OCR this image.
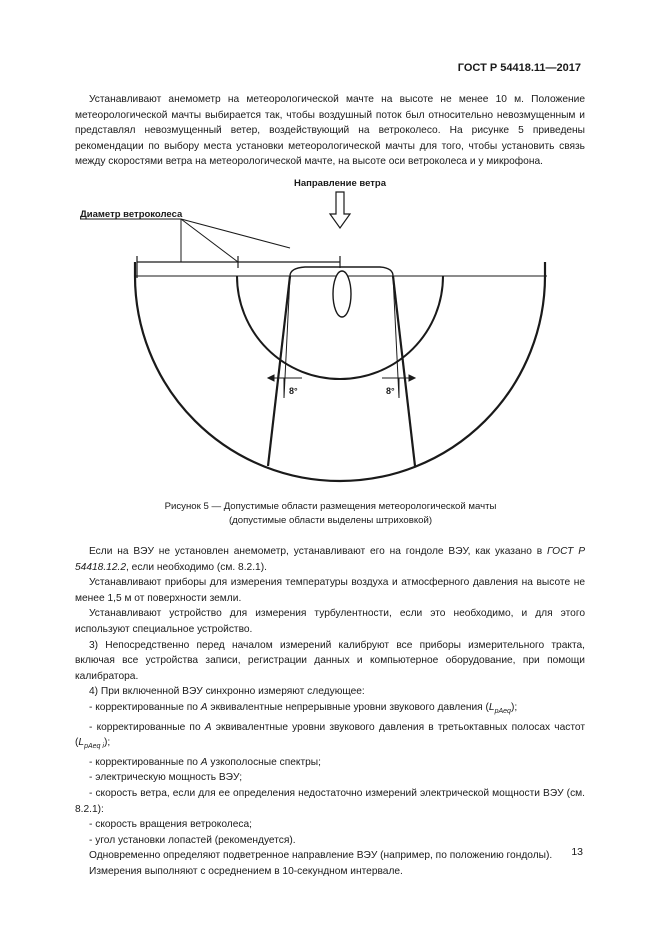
ГОСТ Р 54418.11—2017

Устанавливают анемометр на метеорологической мачте на высоте не менее 10 м. Положение метеорологической мачты выбирается так, чтобы воздушный поток был относительно невозмущенным и представлял невозмущенный ветер, воздействующий на ветроколесо. На рисунке 5 приведены рекомендации по выбору места установки метеорологической мачты для того, чтобы установить связь между скоростями ветра на метеорологической мачте, на высоте оси ветроколеса и у микрофона.

Направление ветра
Диаметр ветроколеса
8°	8°
Рисунок 5 — Допустимые области размещения метеорологической мачты
(допустимые области выделены штриховкой)

Если на ВЭУ не установлен анемометр, устанавливают его на гондоле ВЭУ, как указано в ГОСТ Р 54418.12.2, если необходимо (см. 8.2.1).

Устанавливают приборы для измерения температуры воздуха и атмосферного давления на высоте не менее 1,5 м от поверхности земли.

Устанавливают устройство для измерения турбулентности, если это необходимо, и для этого используют специальное устройство.

3) Непосредственно перед началом измерений калибруют все приборы измерительного тракта, включая все устройства записи, регистрации данных и компьютерное оборудование, при помощи калибратора.

4) При включенной ВЭУ синхронно измеряют следующее:

- корректированные по А эквивалентные непрерывные уровни звукового давления $(L_{pAeq})$;

- корректированные по А эквивалентные уровни звукового давления в третьоктавных полосах частот $(L_{pAeq i})$;

- корректированные по А узкополосные спектры;

- электрическую мощность ВЭУ;

- скорость ветра, если для ее определения недостаточно измерений электрической мощности ВЭУ (см. 8.2.1):

- скорость вращения ветроколеса;

- угол установки лопастей (рекомендуется).

Одновременно определяют подветренное направление ВЭУ (например, по положению гондолы).

Измерения выполняют с осреднением в 10-секундном интервале.

13
